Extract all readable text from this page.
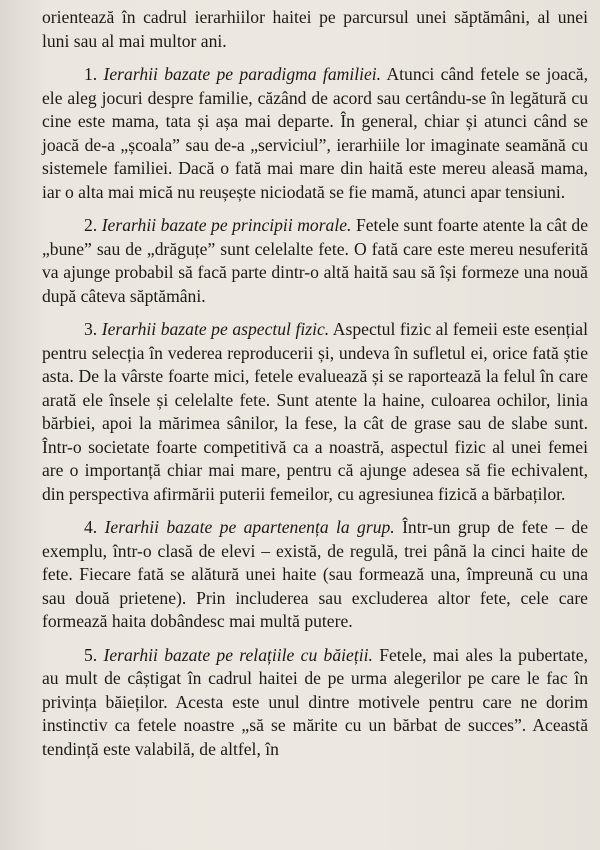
orientează în cadrul ierarhiilor haitei pe parcursul unei săptămâni, al unei luni sau al mai multor ani.

1. Ierarhii bazate pe paradigma familiei. Atunci când fetele se joacă, ele aleg jocuri despre familie, căzând de acord sau certându-se în legătură cu cine este mama, tata și așa mai departe. În general, chiar și atunci când se joacă de-a „școala” sau de-a „serviciul”, ierarhiile lor imaginate seamănă cu sistemele familiei. Dacă o fată mai mare din haită este mereu aleasă mama, iar o alta mai mică nu reușește niciodată se fie mamă, atunci apar tensiuni.

2. Ierarhii bazate pe principii morale. Fetele sunt foarte atente la cât de „bune” sau de „drăguțe” sunt celelalte fete. O fată care este mereu nesuferită va ajunge probabil să facă parte dintr-o altă haită sau să își formeze una nouă după câteva săptămâni.

3. Ierarhii bazate pe aspectul fizic. Aspectul fizic al femeii este esențial pentru selecția în vederea reproducerii și, undeva în sufletul ei, orice fată știe asta. De la vârste foarte mici, fetele evaluează și se raportează la felul în care arată ele însele și celelalte fete. Sunt atente la haine, culoarea ochilor, linia bărbiei, apoi la mărimea sânilor, la fese, la cât de grase sau de slabe sunt. Într-o societate foarte competitivă ca a noastră, aspectul fizic al unei femei are o importanță chiar mai mare, pentru că ajunge adesea să fie echivalent, din perspectiva afirmării puterii femeilor, cu agresiunea fizică a bărbaților.

4. Ierarhii bazate pe apartenența la grup. Într-un grup de fete – de exemplu, într-o clasă de elevi – există, de regulă, trei până la cinci haite de fete. Fiecare fată se alătură unei haite (sau formează una, împreună cu una sau două prietene). Prin includerea sau excluderea altor fete, cele care formează haita dobândesc mai multă putere.

5. Ierarhii bazate pe relațiile cu băieții. Fetele, mai ales la pubertate, au mult de câștigat în cadrul haitei de pe urma alegerilor pe care le fac în privința băieților. Acesta este unul dintre motivele pentru care ne dorim instinctiv ca fetele noastre „să se mărite cu un bărbat de succes”. Această tendință este valabilă, de altfel, în
